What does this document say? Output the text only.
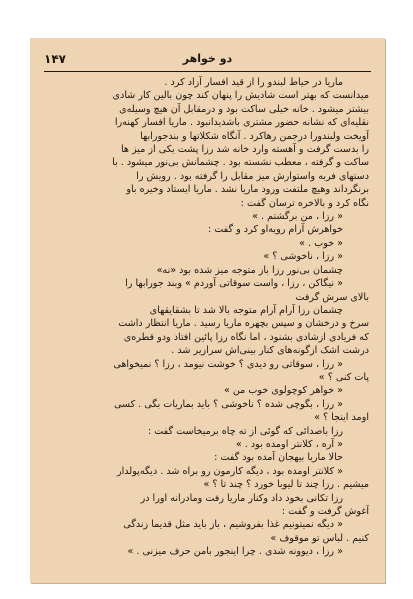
۱۴۷	دو خواهر
ماریا در حیاط لبندو را از قید افسار آزاد کرد .
میدانست که بهتر است شادیش را پنهان کند چون بالین کار شادی
بیشتر میشود . خانه خیلی ساکت بود و درمقابل آن هیچ وسیله‌ی
نقلیه‌ای که نشانه حضور مشتری باشدیدانبود . ماریا افسار کهنه‌را
آویخت ولبندورا درجمن رهاکرد . آنگاه شکلاتها و بندجورابها
را بدست گرفت و آهسته وارد خانه شد رزا پشت یکی از میز ها
ساکت و گرفته ، معطب نشسته بود . چشمانش بی‌نور میشود . با
دستهای فربه واستوارش میز مقابل را گرفته بود . رویش را
برنگرداند وهیچ ملتفت ورود ماریا نشد . ماریا ایستاد وخیره باو
نگاه کرد و بالاخره ترسان گفت :
« رزا ، من برگشتم . »
خواهرش آرام رویه‌او کرد و گفت :
« خوب . »
« رزا ، ناخوشی ؟ »
چشمان بی‌نور رزا باز متوجه میز شده بود «نه»
« نیگاکن ، رزا ، واست سوقاتی آوردم » وبند جورابها را
بالای سرش گرفت
چشمان رزا آرام آرام متوجه بالا شد تا بشقایقهای
سرخ و درخشان و سپس بچهره‌ ماریا رسید . ماریا انتظار داشت
که فریادی ازشادی بشنود ، اما نگاه رزا پائین افتاد ودو قطره‌ی
درشت اشک ازگونه‌های کنار بینی‌اش سرازیر شد .
« رزا ، سوقاتی رو دیدی ؟ خوشت نیومد ، رزا ؟ نمیخواهی
پات کنی ؟ »
« خواهر کوچولوی خوب من »
« رزا ، بگوچی شده ؟ ناخوشی ؟ باید بماریات بگی . کسی
اومد اینجا ؟ »
رزا باصدائی که گوئی از ته چاه برمیخاست گفت :
« آره ، کلانتر اومده بود . »
حالا ماریا بیهجان آمده بود گفت :
« کلانتر اومده بود ، دیگه کارمون رو براه شد . دیگه‌پولدار
میشیم . رزا چند تا لیوبا خورد ؟ چند تا ؟ »
رزا تکانی بخود داد وکنار ماریا رفت ومادرانه اورا در
آغوش گرفت و گفت :
« دیگه نمیتونیم غذا بفروشیم ، باز باید مثل قدیما زندگی
کنیم . لباس تو موقوف »
« رزا ، دیوونه شدی . چرا اینجور بامن حرف میزنی . »
